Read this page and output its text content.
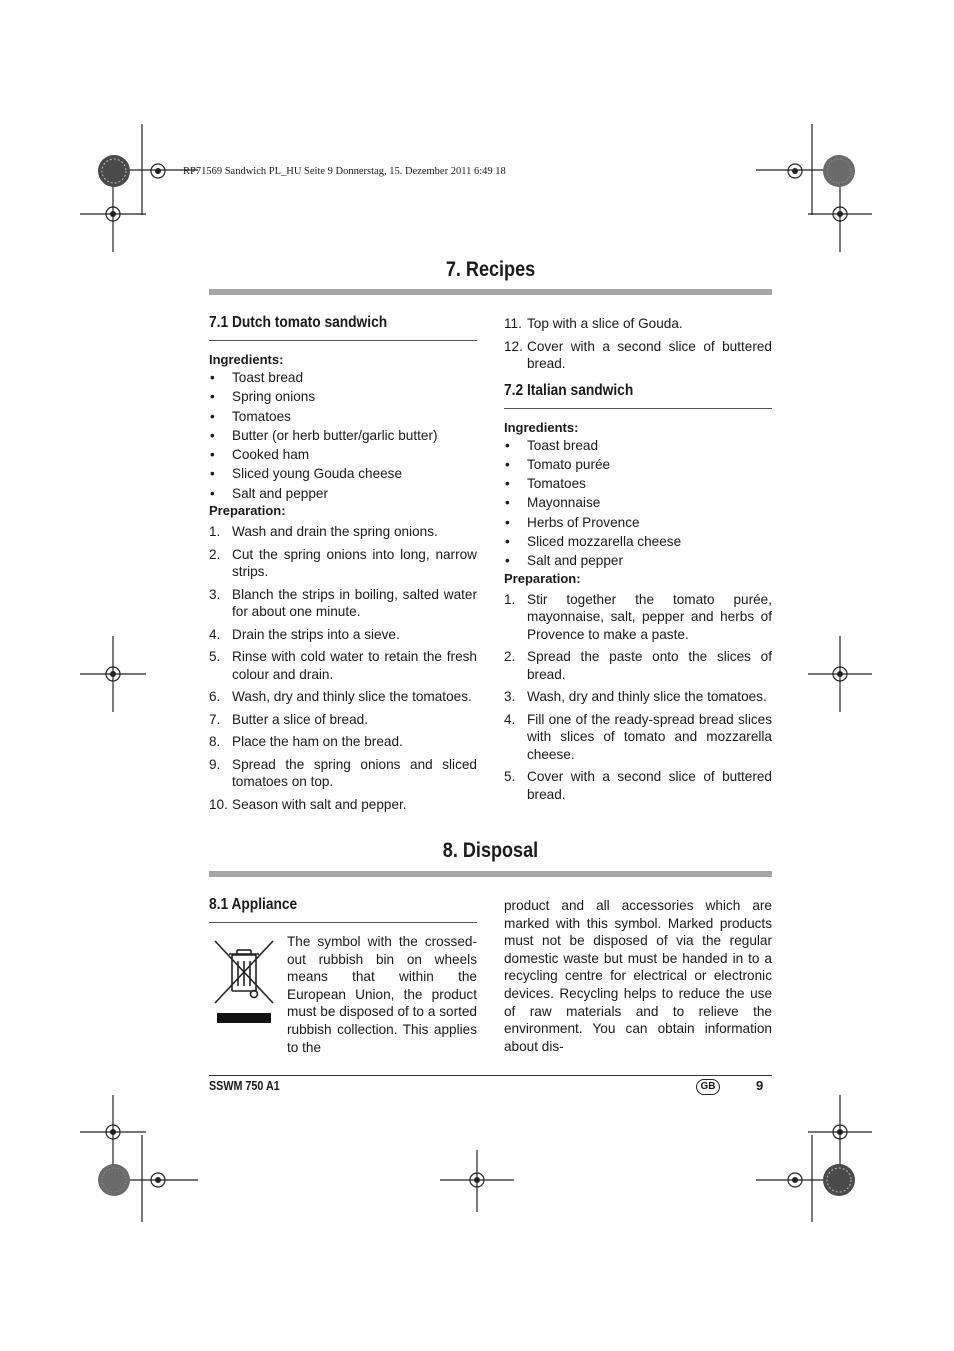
RP71569 Sandwich PL_HU Seite 9 Donnerstag, 15. Dezember 2011 6:49 18
7. Recipes
7.1 Dutch tomato sandwich
Ingredients:
• Toast bread
• Spring onions
• Tomatoes
• Butter (or herb butter/garlic butter)
• Cooked ham
• Sliced young Gouda cheese
• Salt and pepper
Preparation:
1. Wash and drain the spring onions.
2. Cut the spring onions into long, narrow strips.
3. Blanch the strips in boiling, salted water for about one minute.
4. Drain the strips into a sieve.
5. Rinse with cold water to retain the fresh colour and drain.
6. Wash, dry and thinly slice the tomatoes.
7. Butter a slice of bread.
8. Place the ham on the bread.
9. Spread the spring onions and sliced tomatoes on top.
10. Season with salt and pepper.
11. Top with a slice of Gouda.
12. Cover with a second slice of buttered bread.
7.2 Italian sandwich
Ingredients:
• Toast bread
• Tomato purée
• Tomatoes
• Mayonnaise
• Herbs of Provence
• Sliced mozzarella cheese
• Salt and pepper
Preparation:
1. Stir together the tomato purée, mayonnaise, salt, pepper and herbs of Provence to make a paste.
2. Spread the paste onto the slices of bread.
3. Wash, dry and thinly slice the tomatoes.
4. Fill one of the ready-spread bread slices with slices of tomato and mozzarella cheese.
5. Cover with a second slice of buttered bread.
8. Disposal
8.1 Appliance
The symbol with the crossed-out rubbish bin on wheels means that within the European Union, the product must be disposed of to a sorted rubbish collection. This applies to the
product and all accessories which are marked with this symbol. Marked products must not be disposed of via the regular domestic waste but must be handed in to a recycling centre for electrical or electronic devices. Recycling helps to reduce the use of raw materials and to relieve the environment. You can obtain information about dis-
SSWM 750 A1	GB	9
